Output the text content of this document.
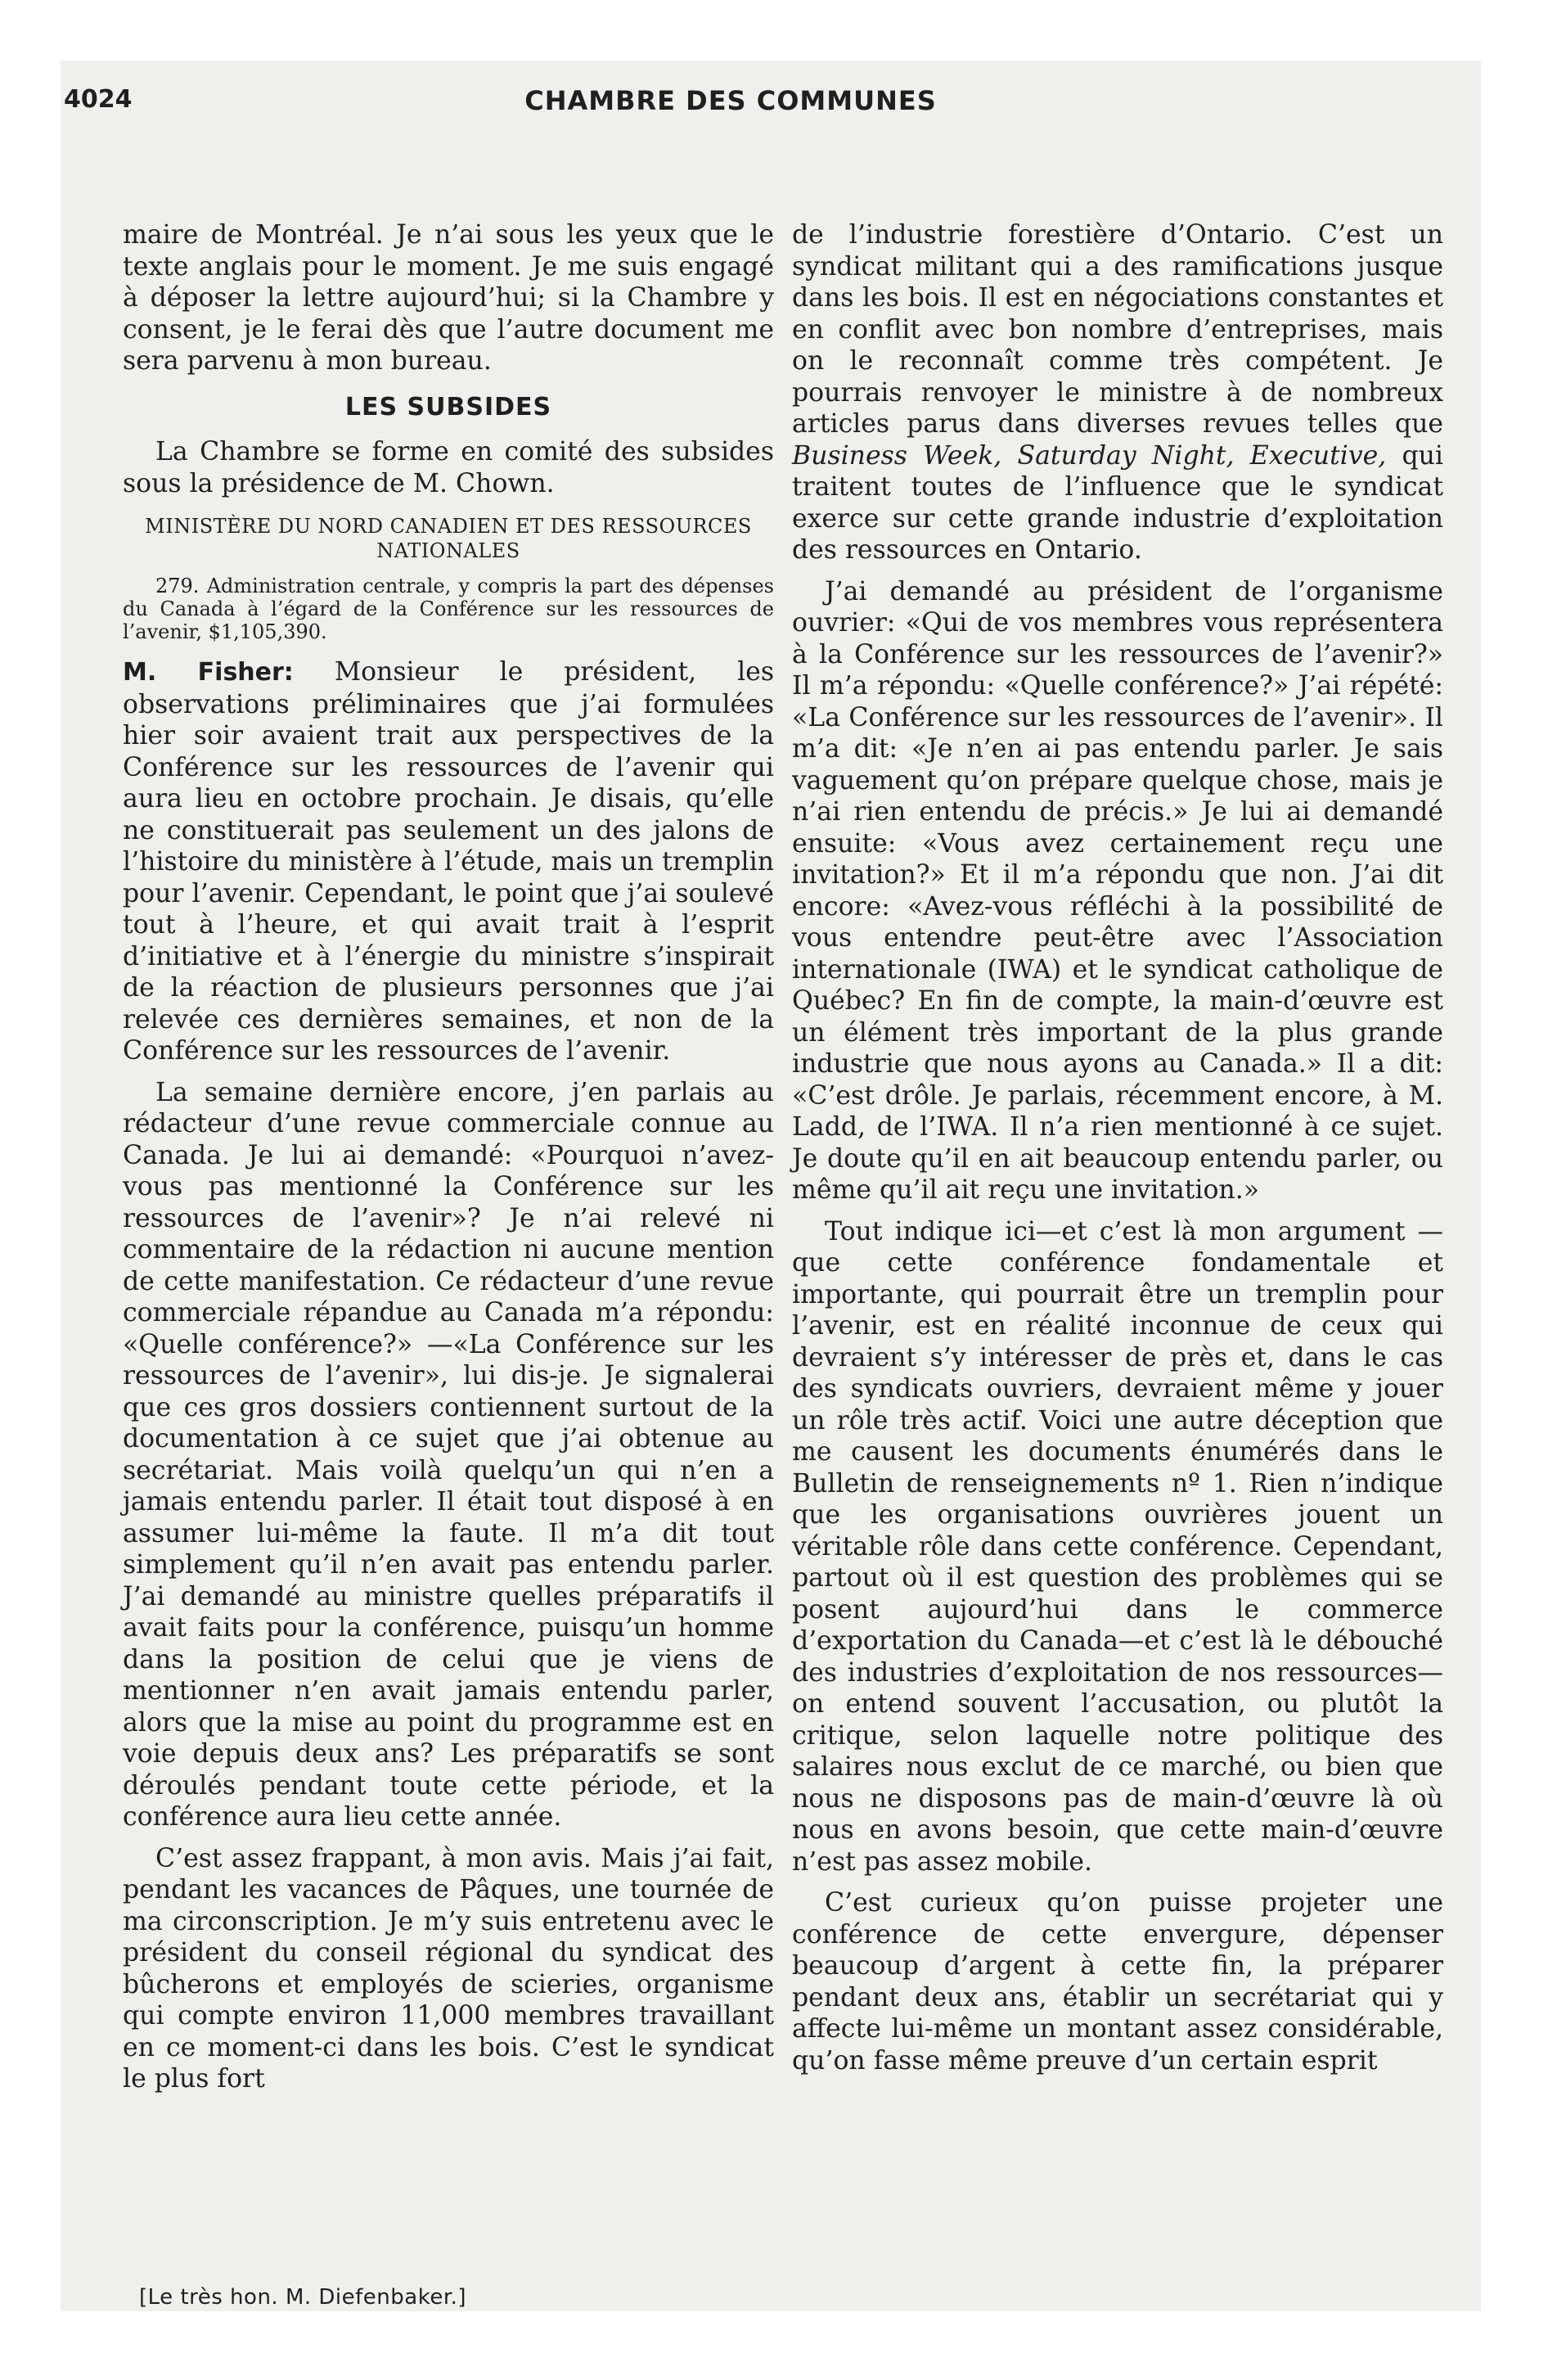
4024	CHAMBRE DES COMMUNES

maire de Montréal. Je n’ai sous les yeux que le texte anglais pour le moment. Je me suis engagé à déposer la lettre aujourd’hui; si la Chambre y consent, je le ferai dès que l’autre document me sera parvenu à mon bureau.

LES SUBSIDES

La Chambre se forme en comité des subsides sous la présidence de M. Chown.

MINISTÈRE DU NORD CANADIEN ET DES RESSOURCES NATIONALES

279. Administration centrale, y compris la part des dépenses du Canada à l’égard de la Conférence sur les ressources de l’avenir, $1,105,390.

M. Fisher: Monsieur le président, les observations préliminaires que j’ai formulées hier soir avaient trait aux perspectives de la Conférence sur les ressources de l’avenir qui aura lieu en octobre prochain. Je disais, qu’elle ne constituerait pas seulement un des jalons de l’histoire du ministère à l’étude, mais un tremplin pour l’avenir. Cependant, le point que j’ai soulevé tout à l’heure, et qui avait trait à l’esprit d’initiative et à l’énergie du ministre s’inspirait de la réaction de plusieurs personnes que j’ai relevée ces dernières semaines, et non de la Conférence sur les ressources de l’avenir.

La semaine dernière encore, j’en parlais au rédacteur d’une revue commerciale connue au Canada. Je lui ai demandé: «Pourquoi n’avez-vous pas mentionné la Conférence sur les ressources de l’avenir»? Je n’ai relevé ni commentaire de la rédaction ni aucune mention de cette manifestation. Ce rédacteur d’une revue commerciale répandue au Canada m’a répondu: «Quelle conférence?» —«La Conférence sur les ressources de l’avenir», lui dis-je. Je signalerai que ces gros dossiers contiennent surtout de la documentation à ce sujet que j’ai obtenue au secrétariat. Mais voilà quelqu’un qui n’en a jamais entendu parler. Il était tout disposé à en assumer lui-même la faute. Il m’a dit tout simplement qu’il n’en avait pas entendu parler. J’ai demandé au ministre quelles préparatifs il avait faits pour la conférence, puisqu’un homme dans la position de celui que je viens de mentionner n’en avait jamais entendu parler, alors que la mise au point du programme est en voie depuis deux ans? Les préparatifs se sont déroulés pendant toute cette période, et la conférence aura lieu cette année.

C’est assez frappant, à mon avis. Mais j’ai fait, pendant les vacances de Pâques, une tournée de ma circonscription. Je m’y suis entretenu avec le président du conseil régional du syndicat des bûcherons et employés de scieries, organisme qui compte environ 11,000 membres travaillant en ce moment-ci dans les bois. C’est le syndicat le plus fort

de l’industrie forestière d’Ontario. C’est un syndicat militant qui a des ramifications jusque dans les bois. Il est en négociations constantes et en conflit avec bon nombre d’entreprises, mais on le reconnaît comme très compétent. Je pourrais renvoyer le ministre à de nombreux articles parus dans diverses revues telles que Business Week, Saturday Night, Executive, qui traitent toutes de l’influence que le syndicat exerce sur cette grande industrie d’exploitation des ressources en Ontario.

J’ai demandé au président de l’organisme ouvrier: «Qui de vos membres vous représentera à la Conférence sur les ressources de l’avenir?» Il m’a répondu: «Quelle conférence?» J’ai répété: «La Conférence sur les ressources de l’avenir». Il m’a dit: «Je n’en ai pas entendu parler. Je sais vaguement qu’on prépare quelque chose, mais je n’ai rien entendu de précis.» Je lui ai demandé ensuite: «Vous avez certainement reçu une invitation?» Et il m’a répondu que non. J’ai dit encore: «Avez-vous réfléchi à la possibilité de vous entendre peut-être avec l’Association internationale (IWA) et le syndicat catholique de Québec? En fin de compte, la main-d’œuvre est un élément très important de la plus grande industrie que nous ayons au Canada.» Il a dit: «C’est drôle. Je parlais, récemment encore, à M. Ladd, de l’IWA. Il n’a rien mentionné à ce sujet. Je doute qu’il en ait beaucoup entendu parler, ou même qu’il ait reçu une invitation.»

Tout indique ici—et c’est là mon argument —que cette conférence fondamentale et importante, qui pourrait être un tremplin pour l’avenir, est en réalité inconnue de ceux qui devraient s’y intéresser de près et, dans le cas des syndicats ouvriers, devraient même y jouer un rôle très actif. Voici une autre déception que me causent les documents énumérés dans le Bulletin de renseignements nº 1. Rien n’indique que les organisations ouvrières jouent un véritable rôle dans cette conférence. Cependant, partout où il est question des problèmes qui se posent aujourd’hui dans le commerce d’exportation du Canada—et c’est là le débouché des industries d’exploitation de nos ressources—on entend souvent l’accusation, ou plutôt la critique, selon laquelle notre politique des salaires nous exclut de ce marché, ou bien que nous ne disposons pas de main-d’œuvre là où nous en avons besoin, que cette main-d’œuvre n’est pas assez mobile.

C’est curieux qu’on puisse projeter une conférence de cette envergure, dépenser beaucoup d’argent à cette fin, la préparer pendant deux ans, établir un secrétariat qui y affecte lui-même un montant assez considérable, qu’on fasse même preuve d’un certain esprit

[Le très hon. M. Diefenbaker.]
